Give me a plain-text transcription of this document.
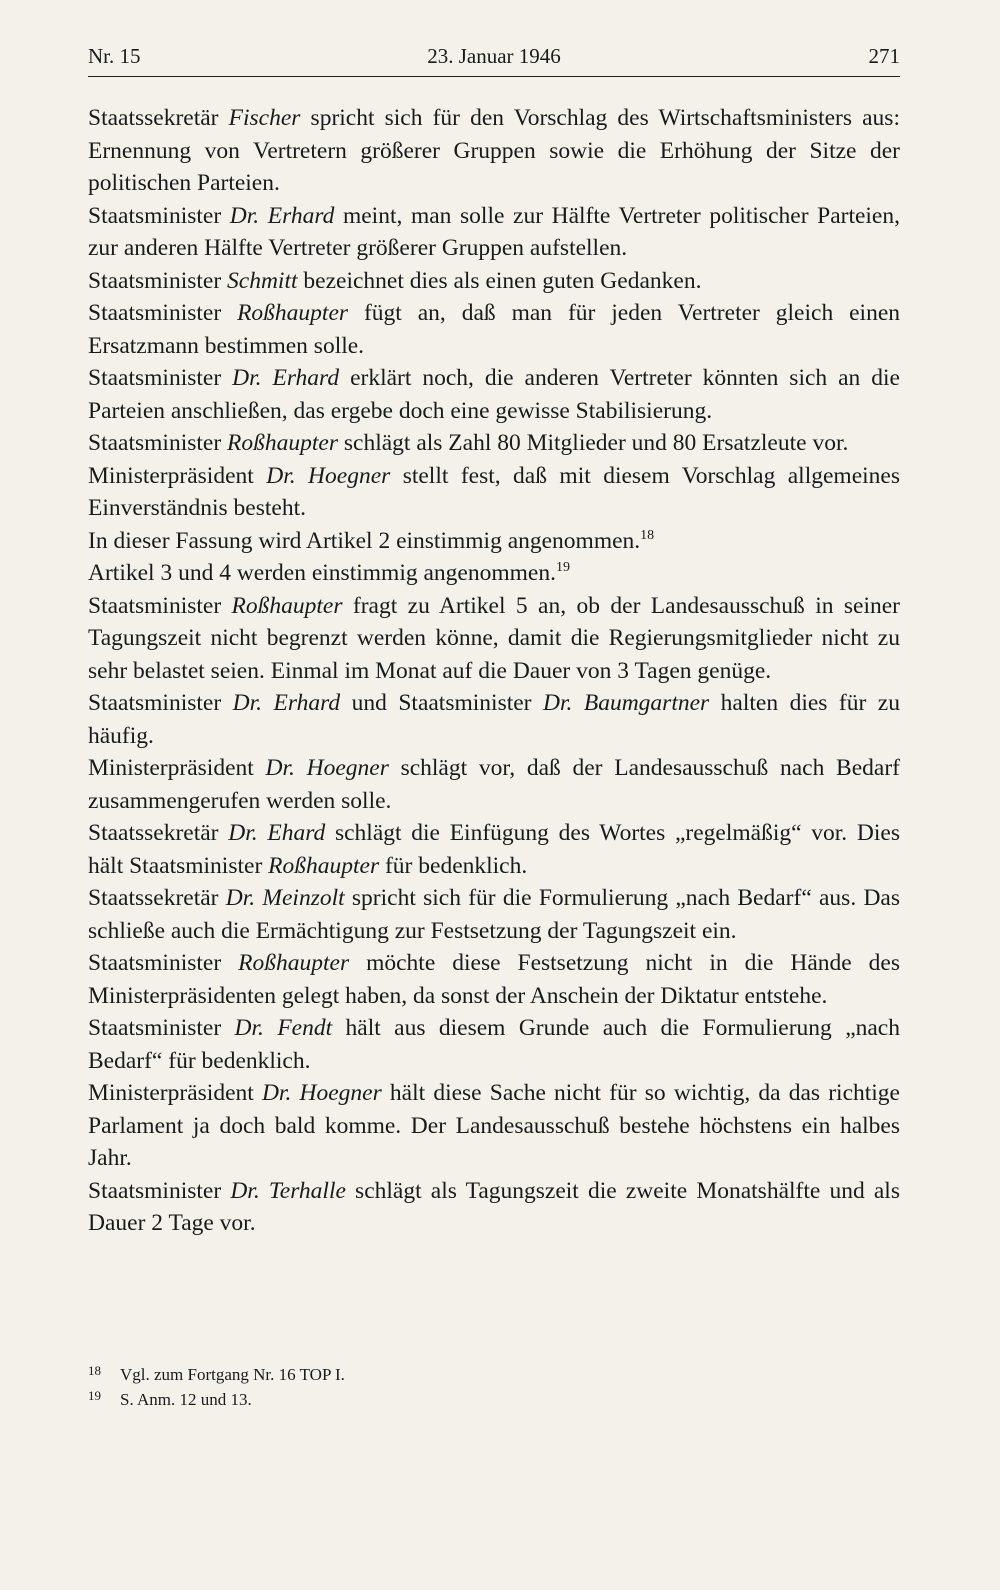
Nr. 15	23. Januar 1946	271

Staatssekretär Fischer spricht sich für den Vorschlag des Wirtschaftsministers aus: Ernennung von Vertretern größerer Gruppen sowie die Erhöhung der Sitze der politischen Parteien.

Staatsminister Dr. Erhard meint, man solle zur Hälfte Vertreter politischer Parteien, zur anderen Hälfte Vertreter größerer Gruppen aufstellen.

Staatsminister Schmitt bezeichnet dies als einen guten Gedanken.

Staatsminister Roßhaupter fügt an, daß man für jeden Vertreter gleich einen Ersatzmann bestimmen solle.

Staatsminister Dr. Erhard erklärt noch, die anderen Vertreter könnten sich an die Parteien anschließen, das ergebe doch eine gewisse Stabilisierung.

Staatsminister Roßhaupter schlägt als Zahl 80 Mitglieder und 80 Ersatzleute vor.

Ministerpräsident Dr. Hoegner stellt fest, daß mit diesem Vorschlag allgemeines Einverständnis besteht.

In dieser Fassung wird Artikel 2 einstimmig angenommen.$^{18}$

Artikel 3 und 4 werden einstimmig angenommen.$^{19}$

Staatsminister Roßhaupter fragt zu Artikel 5 an, ob der Landesausschuß in seiner Tagungszeit nicht begrenzt werden könne, damit die Regierungsmitglieder nicht zu sehr belastet seien. Einmal im Monat auf die Dauer von 3 Tagen genüge.

Staatsminister Dr. Erhard und Staatsminister Dr. Baumgartner halten dies für zu häufig.

Ministerpräsident Dr. Hoegner schlägt vor, daß der Landesausschuß nach Bedarf zusammengerufen werden solle.

Staatssekretär Dr. Ehard schlägt die Einfügung des Wortes „regelmäßig“ vor. Dies hält Staatsminister Roßhaupter für bedenklich.

Staatssekretär Dr. Meinzolt spricht sich für die Formulierung „nach Bedarf“ aus. Das schließe auch die Ermächtigung zur Festsetzung der Tagungszeit ein.

Staatsminister Roßhaupter möchte diese Festsetzung nicht in die Hände des Ministerpräsidenten gelegt haben, da sonst der Anschein der Diktatur entstehe.

Staatsminister Dr. Fendt hält aus diesem Grunde auch die Formulierung „nach Bedarf“ für bedenklich.

Ministerpräsident Dr. Hoegner hält diese Sache nicht für so wichtig, da das richtige Parlament ja doch bald komme. Der Landesausschuß bestehe höchstens ein halbes Jahr.

Staatsminister Dr. Terhalle schlägt als Tagungszeit die zweite Monatshälfte und als Dauer 2 Tage vor.

18	Vgl. zum Fortgang Nr. 16 TOP I.
19	S. Anm. 12 und 13.
